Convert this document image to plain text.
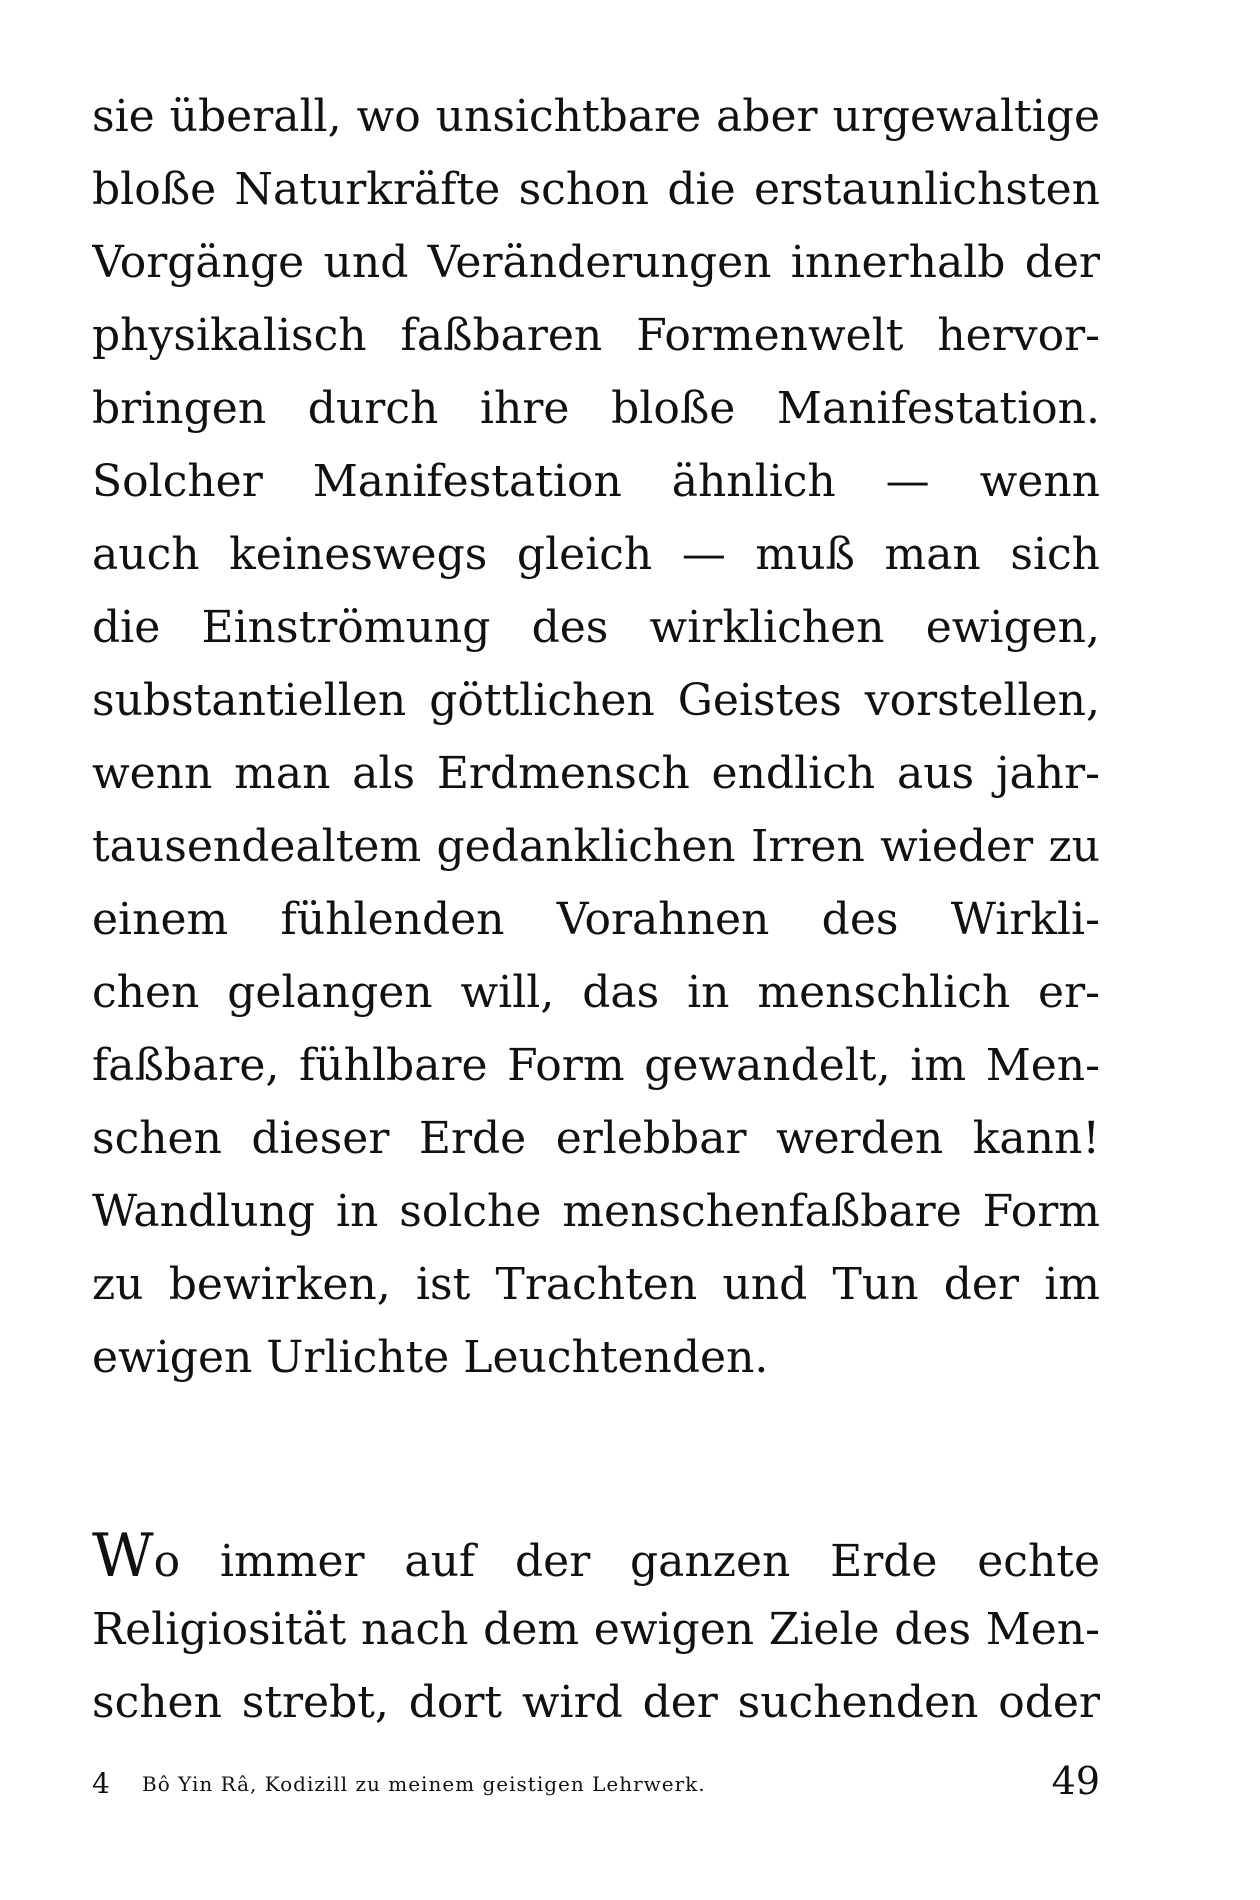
sie überall, wo unsichtbare aber urgewaltige
bloße Naturkräfte schon die erstaunlichsten
Vorgänge und Veränderungen innerhalb der
physikalisch faßbaren Formenwelt hervor-
bringen durch ihre bloße Manifestation.
Solcher Manifestation ähnlich — wenn
auch keineswegs gleich — muß man sich
die Einströmung des wirklichen ewigen,
substantiellen göttlichen Geistes vorstellen,
wenn man als Erdmensch endlich aus jahr-
tausendealtem gedanklichen Irren wieder zu
einem fühlenden Vorahnen des Wirkli-
chen gelangen will, das in menschlich er-
faßbare, fühlbare Form gewandelt, im Men-
schen dieser Erde erlebbar werden kann!
Wandlung in solche menschenfaßbare Form
zu bewirken, ist Trachten und Tun der im
ewigen Urlichte Leuchtenden.
Wo immer auf der ganzen Erde echte
Religiosität nach dem ewigen Ziele des Men-
schen strebt, dort wird der suchenden oder
4 Bô Yin Râ, Kodizill zu meinem geistigen Lehrwerk.	49
